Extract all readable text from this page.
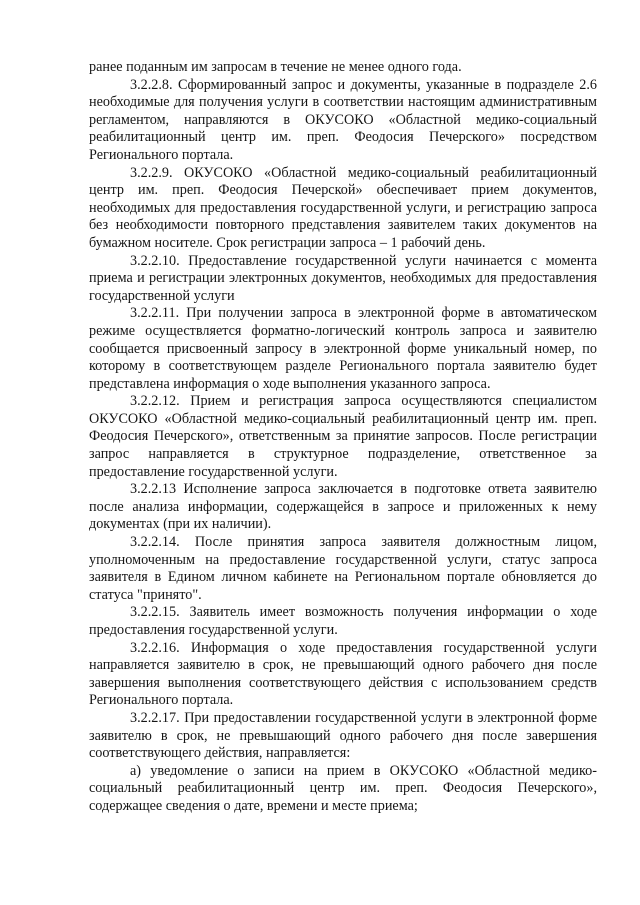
ранее поданным им запросам в течение не менее одного года.

3.2.2.8. Сформированный запрос и документы, указанные в подразделе 2.6 необходимые для получения услуги в соответствии настоящим административным регламентом, направляются в ОКУСОКО «Областной медико-социальный реабилитационный центр им. преп. Феодосия Печерского» посредством Регионального портала.

3.2.2.9. ОКУСОКО «Областной медико-социальный реабилитационный центр им. преп. Феодосия Печерской» обеспечивает прием документов, необходимых для предоставления государственной услуги, и регистрацию запроса без необходимости повторного представления заявителем таких документов на бумажном носителе. Срок регистрации запроса – 1 рабочий день.

3.2.2.10. Предоставление государственной услуги начинается с момента приема и регистрации электронных документов, необходимых для предоставления государственной услуги

3.2.2.11. При получении запроса в электронной форме в автоматическом режиме осуществляется форматно-логический контроль запроса и заявителю сообщается присвоенный запросу в электронной форме уникальный номер, по которому в соответствующем разделе Регионального портала заявителю будет представлена информация о ходе выполнения указанного запроса.

3.2.2.12. Прием и регистрация запроса осуществляются специалистом ОКУСОКО «Областной медико-социальный реабилитационный центр им. преп. Феодосия Печерского», ответственным за принятие запросов. После регистрации запрос направляется в структурное подразделение, ответственное за предоставление государственной услуги.

3.2.2.13 Исполнение запроса заключается в подготовке ответа заявителю после анализа информации, содержащейся в запросе и приложенных к нему документах (при их наличии).

3.2.2.14. После принятия запроса заявителя должностным лицом, уполномоченным на предоставление государственной услуги, статус запроса заявителя в Едином личном кабинете на Региональном портале обновляется до статуса "принято".

3.2.2.15. Заявитель имеет возможность получения информации о ходе предоставления государственной услуги.

3.2.2.16. Информация о ходе предоставления государственной услуги направляется заявителю в срок, не превышающий одного рабочего дня после завершения выполнения соответствующего действия с использованием средств Регионального портала.

3.2.2.17. При предоставлении государственной услуги в электронной форме заявителю в срок, не превышающий одного рабочего дня после завершения соответствующего действия, направляется:

а) уведомление о записи на прием в ОКУСОКО «Областной медико-социальный реабилитационный центр им. преп. Феодосия Печерского», содержащее сведения о дате, времени и месте приема;
